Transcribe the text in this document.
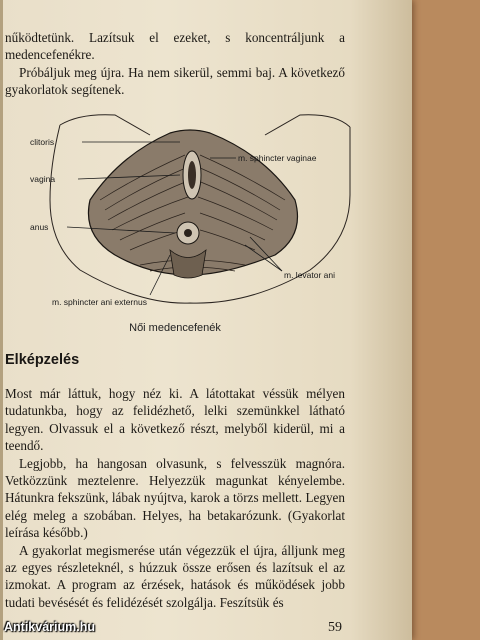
nűködtetünk. Lazítsuk el ezeket, s koncentráljunk a medencefenékre.

Próbáljuk meg újra. Ha nem sikerül, semmi baj. A következő gyakorlatok segítenek.

clitoris
vagina
anus
m. sphincter vaginae
m. levator ani
m. sphincter ani externus
Női medencefenék
Elképzelés

Most már láttuk, hogy néz ki. A látottakat véssük mélyen tudatunkba, hogy az felidézhető, lelki szemünkkel látható legyen. Olvassuk el a következő részt, melyből kiderül, mi a teendő.

Legjobb, ha hangosan olvasunk, s felvesszük magnóra. Vetközzünk meztelenre. Helyezzük magunkat kényelembe. Hátunkra fekszünk, lábak nyújtva, karok a törzs mellett. Legyen elég meleg a szobában. Helyes, ha betakarózunk. (Gyakorlat leírása később.)

A gyakorlat megismerése után végezzük el újra, álljunk meg az egyes részleteknél, s húzzuk össze erősen és lazítsuk el az izmokat. A program az érzések, hatások és működések jobb tudati bevésését és felidézését szolgálja. Feszítsük és

59
Antikvárium.hu
